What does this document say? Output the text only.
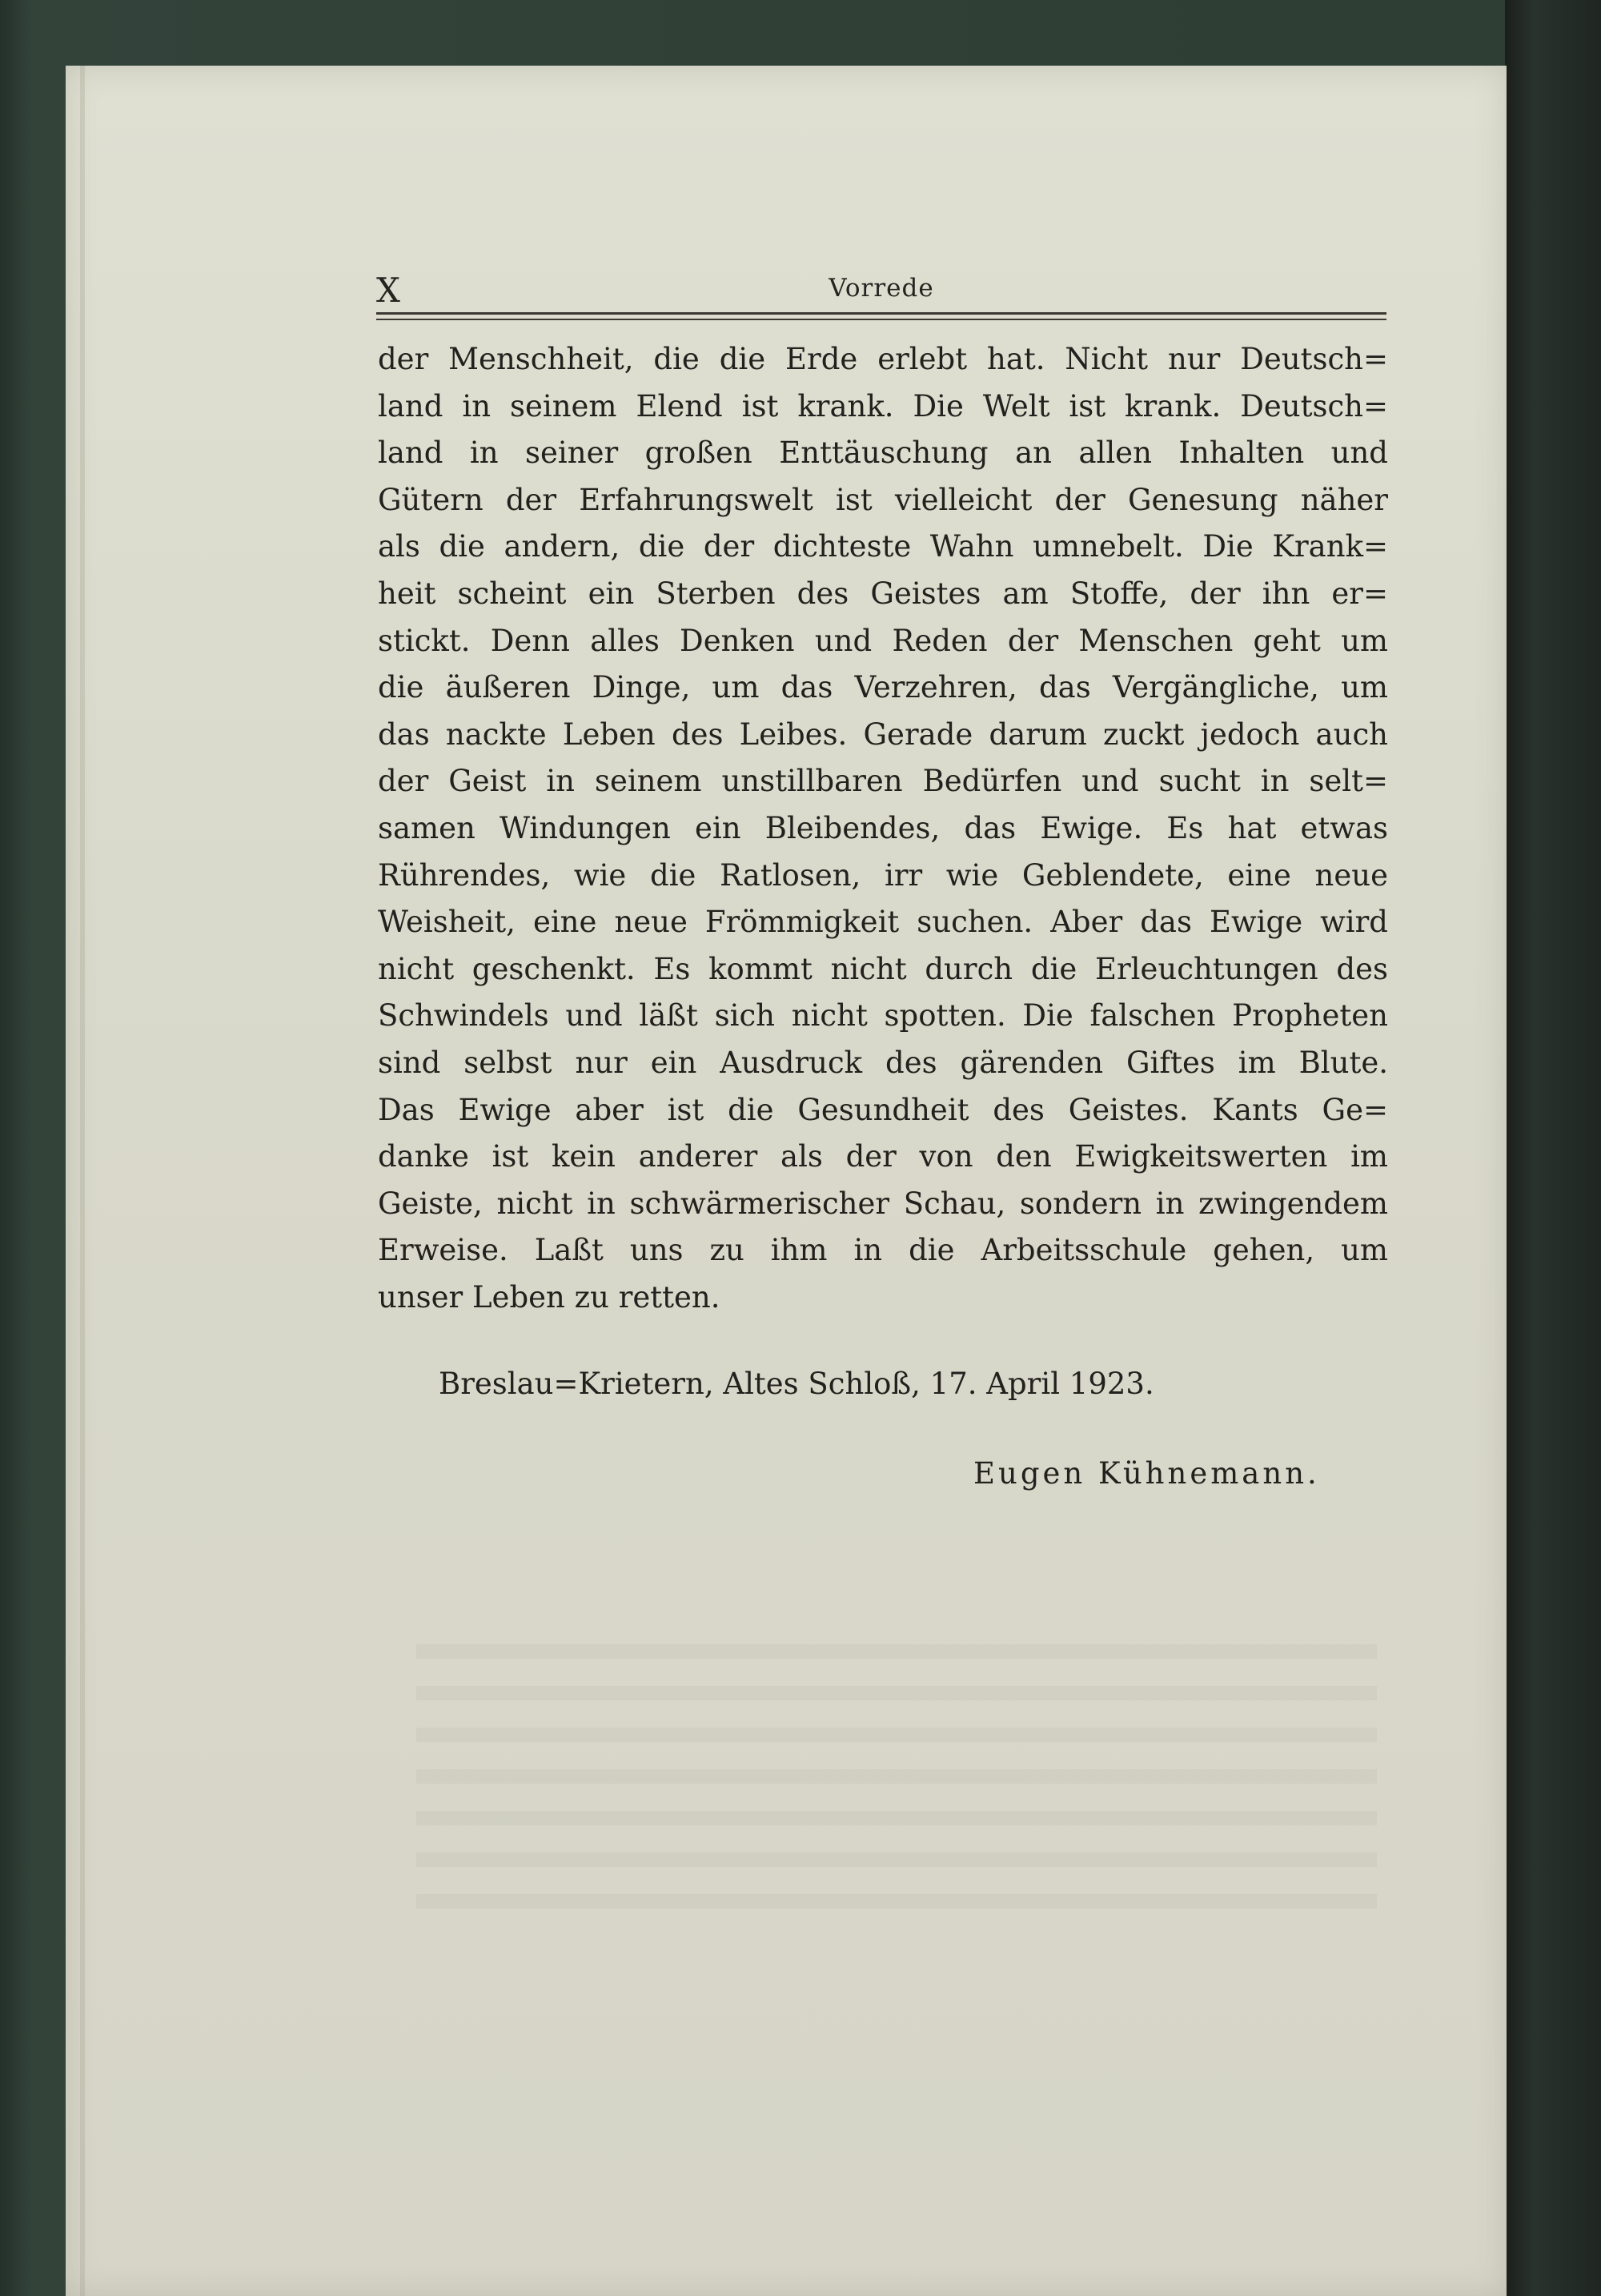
X	Vorrede
der Menschheit, die die Erde erlebt hat. Nicht nur Deutsch=
land in seinem Elend ist krank. Die Welt ist krank. Deutsch=
land in seiner großen Enttäuschung an allen Inhalten und
Gütern der Erfahrungswelt ist vielleicht der Genesung näher
als die andern, die der dichteste Wahn umnebelt. Die Krank=
heit scheint ein Sterben des Geistes am Stoffe, der ihn er=
stickt. Denn alles Denken und Reden der Menschen geht um
die äußeren Dinge, um das Verzehren, das Vergängliche, um
das nackte Leben des Leibes. Gerade darum zuckt jedoch auch
der Geist in seinem unstillbaren Bedürfen und sucht in selt=
samen Windungen ein Bleibendes, das Ewige. Es hat etwas
Rührendes, wie die Ratlosen, irr wie Geblendete, eine neue
Weisheit, eine neue Frömmigkeit suchen. Aber das Ewige wird
nicht geschenkt. Es kommt nicht durch die Erleuchtungen des
Schwindels und läßt sich nicht spotten. Die falschen Propheten
sind selbst nur ein Ausdruck des gärenden Giftes im Blute.
Das Ewige aber ist die Gesundheit des Geistes. Kants Ge=
danke ist kein anderer als der von den Ewigkeitswerten im
Geiste, nicht in schwärmerischer Schau, sondern in zwingendem
Erweise. Laßt uns zu ihm in die Arbeitsschule gehen, um
unser Leben zu retten.
Breslau=Krietern, Altes Schloß, 17. April 1923.
Eugen Kühnemann.
